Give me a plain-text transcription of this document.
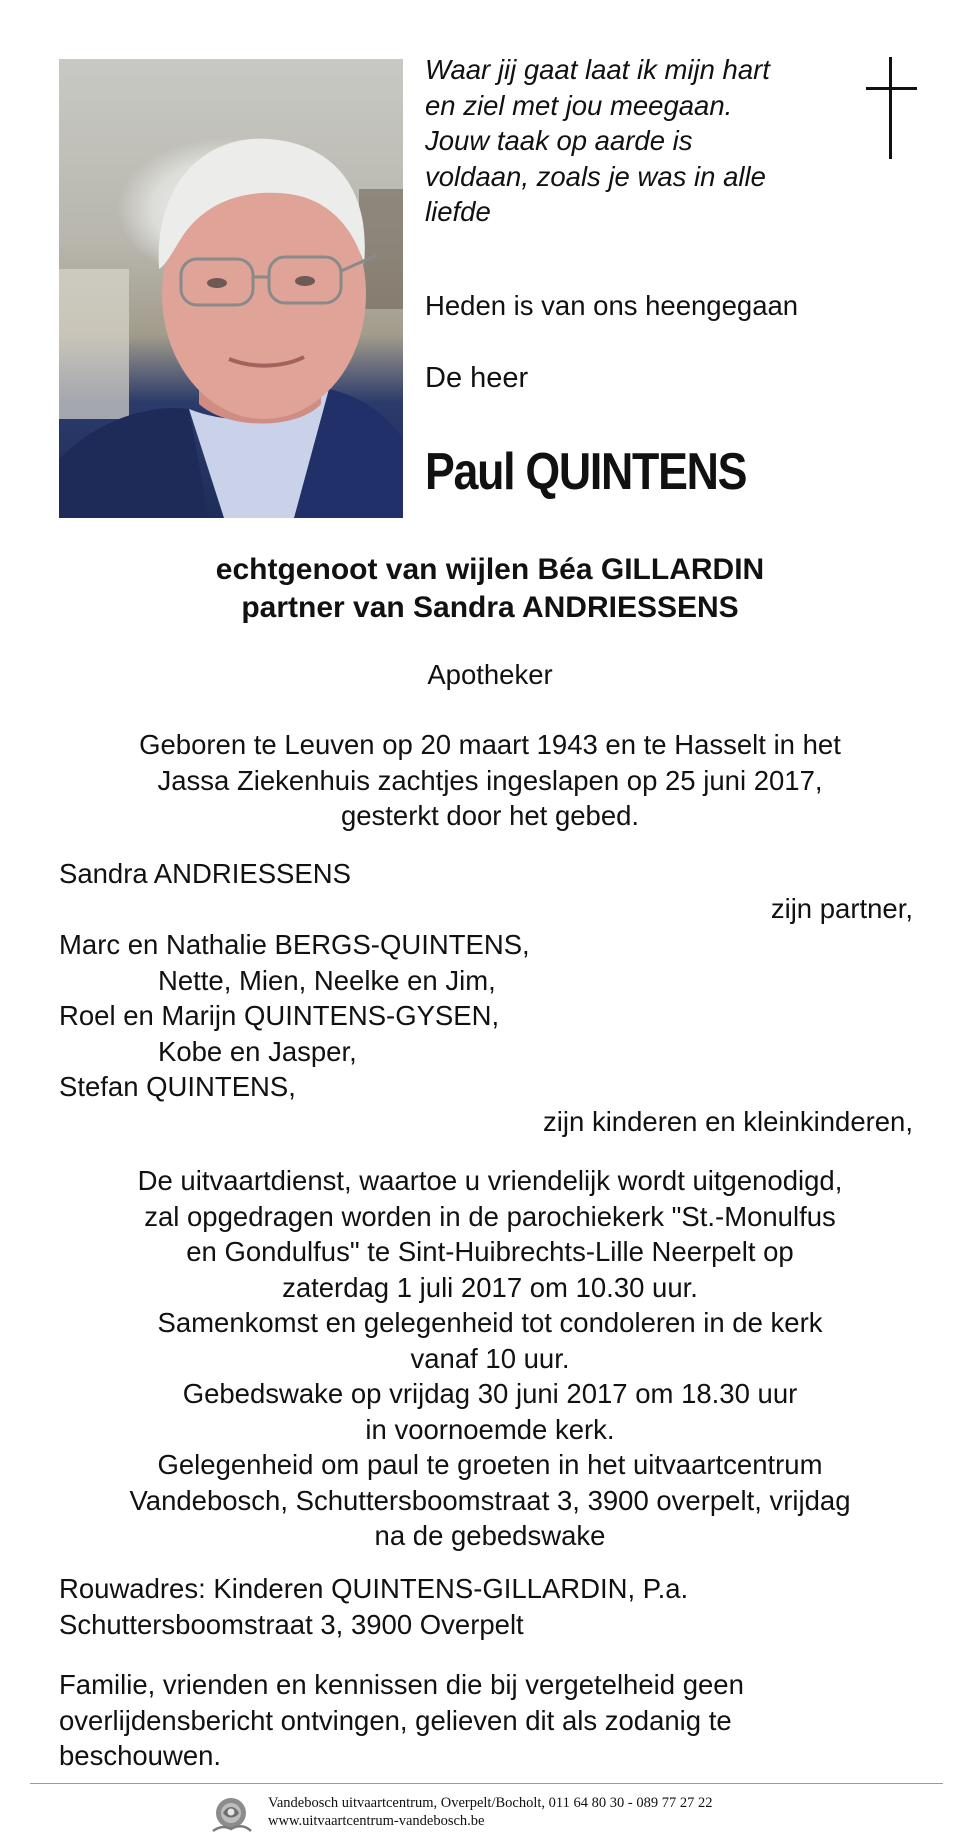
Waar jij gaat laat ik mijn hart
en ziel met jou meegaan.
Jouw taak op aarde is
voldaan, zoals je was in alle
liefde
Heden is van ons heengegaan
De heer
Paul QUINTENS
echtgenoot van wijlen Béa GILLARDIN
partner van Sandra ANDRIESSENS
Apotheker
Geboren te Leuven op 20 maart 1943 en te Hasselt in het
Jassa Ziekenhuis zachtjes ingeslapen op 25 juni 2017,
gesterkt door het gebed.
Sandra ANDRIESSENS
zijn partner,
Marc en Nathalie BERGS-QUINTENS,
Nette, Mien, Neelke en Jim,
Roel en Marijn QUINTENS-GYSEN,
Kobe en Jasper,
Stefan QUINTENS,
zijn kinderen en kleinkinderen,
De uitvaartdienst, waartoe u vriendelijk wordt uitgenodigd,
zal opgedragen worden in de parochiekerk "St.-Monulfus
en Gondulfus" te Sint-Huibrechts-Lille Neerpelt op
zaterdag 1 juli 2017 om 10.30 uur.
Samenkomst en gelegenheid tot condoleren in de kerk
vanaf 10 uur.
Gebedswake op vrijdag 30 juni 2017 om 18.30 uur
in voornoemde kerk.
Gelegenheid om paul te groeten in het uitvaartcentrum
Vandebosch, Schuttersboomstraat 3, 3900 overpelt, vrijdag
na de gebedswake
Rouwadres: Kinderen QUINTENS-GILLARDIN, P.a.
Schuttersboomstraat 3, 3900 Overpelt
Familie, vrienden en kennissen die bij vergetelheid geen
overlijdensbericht ontvingen, gelieven dit als zodanig te
beschouwen.
Vandebosch uitvaartcentrum, Overpelt/Bocholt, 011 64 80 30 - 089 77 27 22
www.uitvaartcentrum-vandebosch.be
